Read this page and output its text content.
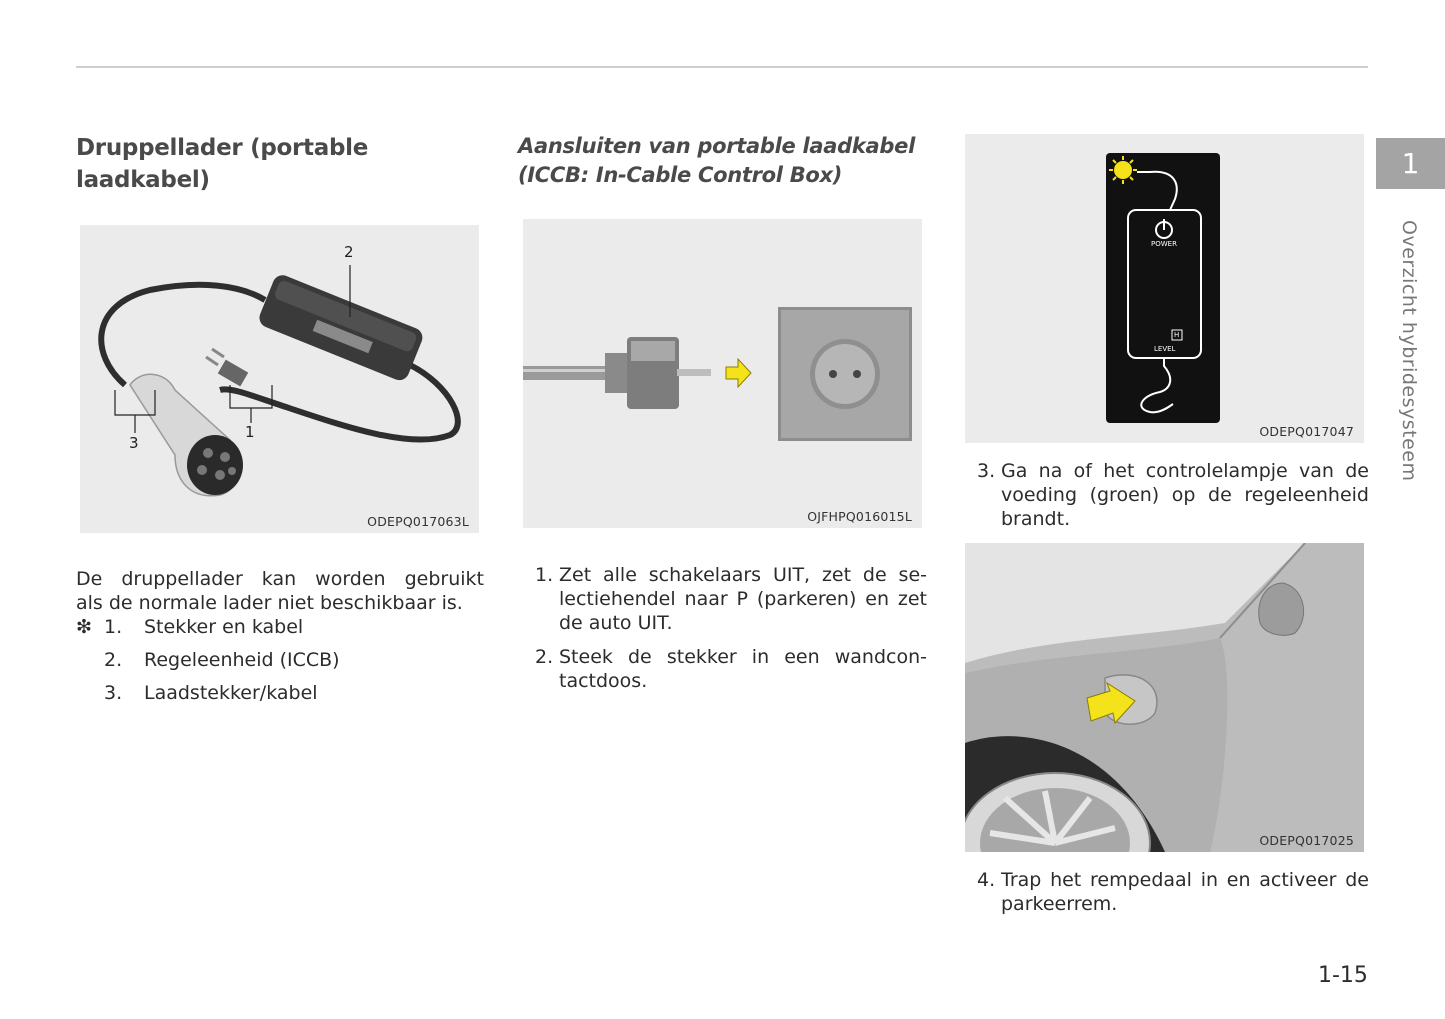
Druppellader (portable
laadkabel)
2
1
3
ODEPQ017063L
De druppellader kan worden gebruikt
als de normale lader niet beschikbaar is.
❇ 1. Stekker en kabel
2. Regeleenheid (ICCB)
3. Laadstekker/kabel
Aansluiten van portable laadkabel
(ICCB: In-Cable Control Box)
OJFHPQ016015L
1. Zet alle schakelaars UIT, zet de se-lectiehendel naar P (parkeren) en zet de auto UIT.
2. Steek de stekker in een wandcon-tactdoos.
POWER
LEVEL
H
ODEPQ017047
3. Ga na of het controlelampje van de voeding (groen) op de regeleenheid brandt.
ODEPQ017025
4. Trap het rempedaal in en activeer de parkeerrem.
1
Overzicht hybridesysteem
1-15
